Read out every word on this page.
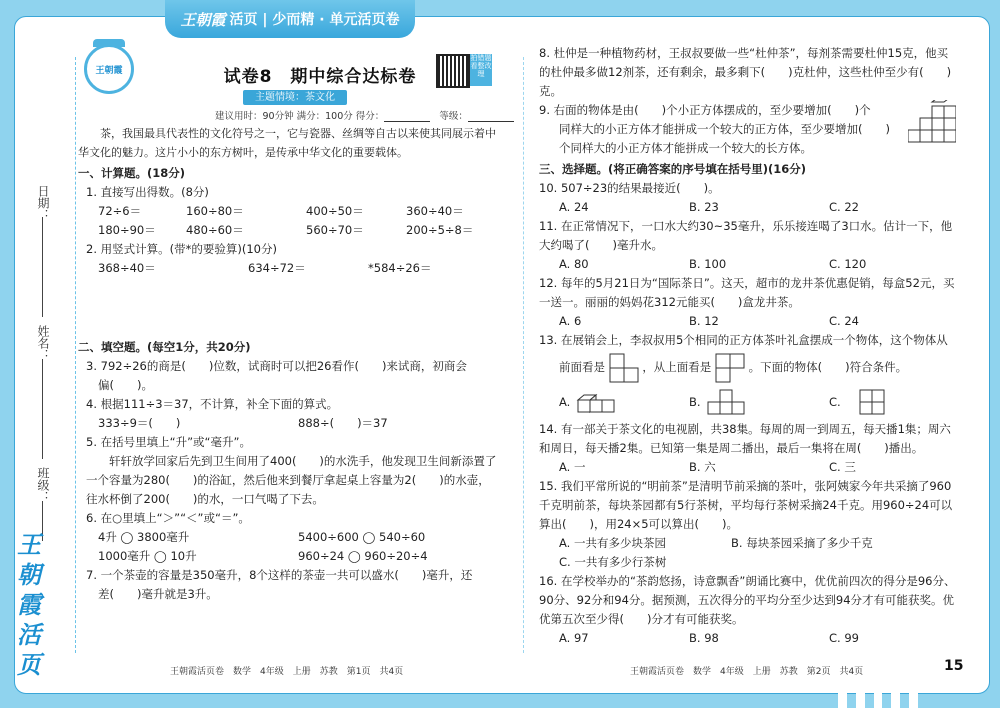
日期：
姓名：
班级：
王朝霞 活页 | 少而精 · 单元活页卷
王
朝
霞
活
页
王朝霞	试卷8　期中综合达标卷
主题情境：茶文化
拍错题看整改理
建议用时：90分钟 满分：100分 得分：	等级：

茶，我国最具代表性的文化符号之一，它与瓷器、丝绸等自古以来使其同展示着中华文化的魅力。这片小小的东方树叶，是传承中华文化的重要载体。

一、计算题。(18分)

1. 直接写出得数。(8分)

72÷6＝	160÷80＝	400÷50＝	360÷40＝

180÷90＝	480÷60＝	560÷70＝	200÷5÷8＝

2. 用竖式计算。(带*的要验算)(10分)

368÷40＝	634÷72＝	*584÷26＝

二、填空题。(每空1分，共20分)

3. 792÷26的商是(　　)位数，试商时可以把26看作(　　)来试商，初商会

偏(　　)。

4. 根据111÷3＝37，不计算，补全下面的算式。

333÷9＝(　　)	888÷(　　)＝37

5. 在括号里填上“升”或“毫升”。

轩轩放学回家后先到卫生间用了400(　　)的水洗手，他发现卫生间新添置了一个容量为280(　　)的浴缸，然后他来到餐厅拿起桌上容量为2(　　)的水壶，往水杯倒了200(　　)的水，一口气喝了下去。

6. 在○里填上“＞”“＜”或“＝”。

4升 ◯ 3800毫升	5400÷600 ◯ 540÷60

1000毫升 ◯ 10升	960÷24 ◯ 960÷20÷4

7. 一个茶壶的容量是350毫升，8个这样的茶壶一共可以盛水(　　)毫升，还

差(　　)毫升就是3升。

8. 杜仲是一种植物药材，王叔叔要做一些“杜仲茶”，每剂茶需要杜仲15克，他买的杜仲最多做12剂茶，还有剩余，最多剩下(　　)克杜仲，这些杜仲至少有(　　)克。

9. 右面的物体是由(　　)个小正方体摆成的，至少要增加(　　)个

同样大的小正方体才能拼成一个较大的正方体，至少要增加(　　)

个同样大的小正方体才能拼成一个较大的长方体。

三、选择题。(将正确答案的序号填在括号里)(16分)

10. 507÷23的结果最接近(　　)。

A. 24	B. 23	C. 22

11. 在正常情况下，一口水大约30~35毫升，乐乐接连喝了3口水。估计一下，他大约喝了(　　)毫升水。

A. 80	B. 100	C. 120

12. 每年的5月21日为“国际茶日”。这天，超市的龙井茶优惠促销，每盒52元，买一送一。丽丽的妈妈花312元能买(　　)盒龙井茶。

A. 6	B. 12	C. 24

13. 在展销会上，李叔叔用5个相同的正方体茶叶礼盒摆成一个物体，这个物体从

前面看是	，从上面看是	。下面的物体(　　)符合条件。

A.	B.	C.

14. 有一部关于茶文化的电视剧，共38集。每周的周一到周五，每天播1集；周六和周日，每天播2集。已知第一集是周二播出，最后一集将在周(　　)播出。

A. 一	B. 六	C. 三

15. 我们平常所说的“明前茶”是清明节前采摘的茶叶，张阿姨家今年共采摘了960千克明前茶，每块茶园都有5行茶树，平均每行茶树采摘24千克。用960÷24可以算出(　　)，用24×5可以算出(　　)。

A. 一共有多少块茶园	B. 每块茶园采摘了多少千克

C. 一共有多少行茶树

16. 在学校举办的“茶韵悠扬，诗意飘香”朗诵比赛中，优优前四次的得分是96分、90分、92分和94分。据预测，五次得分的平均分至少达到94分才有可能获奖。优优第五次至少得(　　)分才有可能获奖。

A. 97	B. 98	C. 99

王朝霞活页卷　数学　4年级　上册　苏教　第1页　共4页	王朝霞活页卷　数学　4年级　上册　苏教　第2页　共4页	15
